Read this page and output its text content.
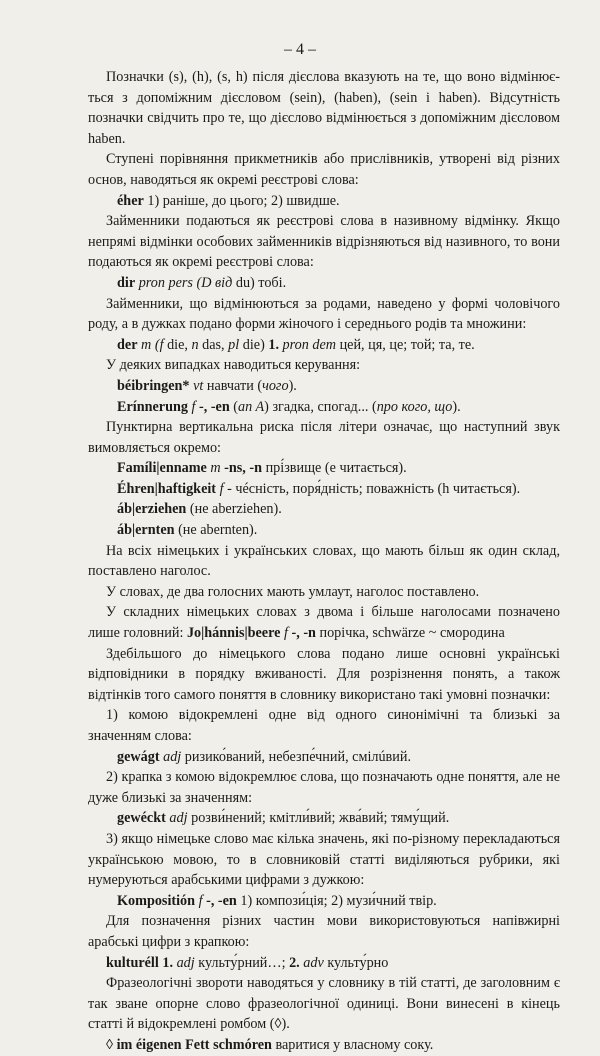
– 4 –

Позначки (s), (h), (s, h) після дієслова вказують на те, що воно відмінює-ться з допоміжним дієсловом (sein), (haben), (sein i haben). Відсутність позначки свідчить про те, що дієслово відмінюється з допоміжним дієсловом haben.

Ступені порівняння прикметників або прислівників, утворені від різних основ, наводяться як окремі реєстрові слова:

éher 1) раніше, до цього; 2) швидше.

Займенники подаються як реєстрові слова в називному відмінку. Якщо непрямі відмінки особових займенників відрізняються від називного, то вони подаються як окремі реєстрові слова:

dir pron pers (D від du) тобі.

Займенники, що відмінюються за родами, наведено у формі чоловічого роду, а в дужках подано форми жіночого і середнього родів та множини:

der m (f die, n das, pl die) 1. pron dem цей, ця, це; той; та, те.

У деяких випадках наводиться керування:

béibringen* vt навчати (чого).

Erínnerung f -, -en (an A) згадка, спогад... (про кого, що).

Пунктирна вертикальна риска після літери означає, що наступний звук вимовляється окремо:

Famíli|enname m -ns, -n прі́звище (е читається).

Éhren|haftigkeit f - чéсність, поря́дність; поважність (h читається).

áb|erziehen (не aberziehen).

áb|ernten (не abernten).

На всіх німецьких і українських словах, що мають більш як один склад, поставлено наголос.

У словах, де два голосних мають умлаут, наголос поставлено.

У складних німецьких словах з двома і більше наголосами позначено лише головний: Jo|hánnis|beere f -, -n порічка, schwärze ~ смородина

Здебільшого до німецького слова подано лише основні українські відповідники в порядку вживаності. Для розрізнення понять, а також відтінків того самого поняття в словнику використано такі умовні позначки:

1) комою відокремлені одне від одного синонімічні та близькі за значенням слова:

gewágt adj ризико́ваний, небезпе́чний, смілúвий.

2) крапка з комою відокремлює слова, що позначають одне поняття, але не дуже близькі за значенням:

gewéckt adj розви́нений; кмітли́вий; жва́вий; тяму́щий.

3) якщо німецьке слово має кілька значень, які по-різному перекладаються українською мовою, то в словниковій статті виділяються рубрики, які нумеруються арабськими цифрами з дужкою:

Kompositión f -, -en 1) компози́ція; 2) музи́чний твір.

Для позначення різних частин мови використовуються напівжирні арабські цифри з крапкою:

kulturéll 1. adj культу́рний…; 2. adv культу́рно

Фразеологічні звороти наводяться у словнику в тій статті, де заголовним є так зване опорне слово фразеологічної одиниці. Вони винесені в кінець статті й відокремлені ромбом (◊).

◊ im éigenen Fett schmóren варитися у власному соку.
